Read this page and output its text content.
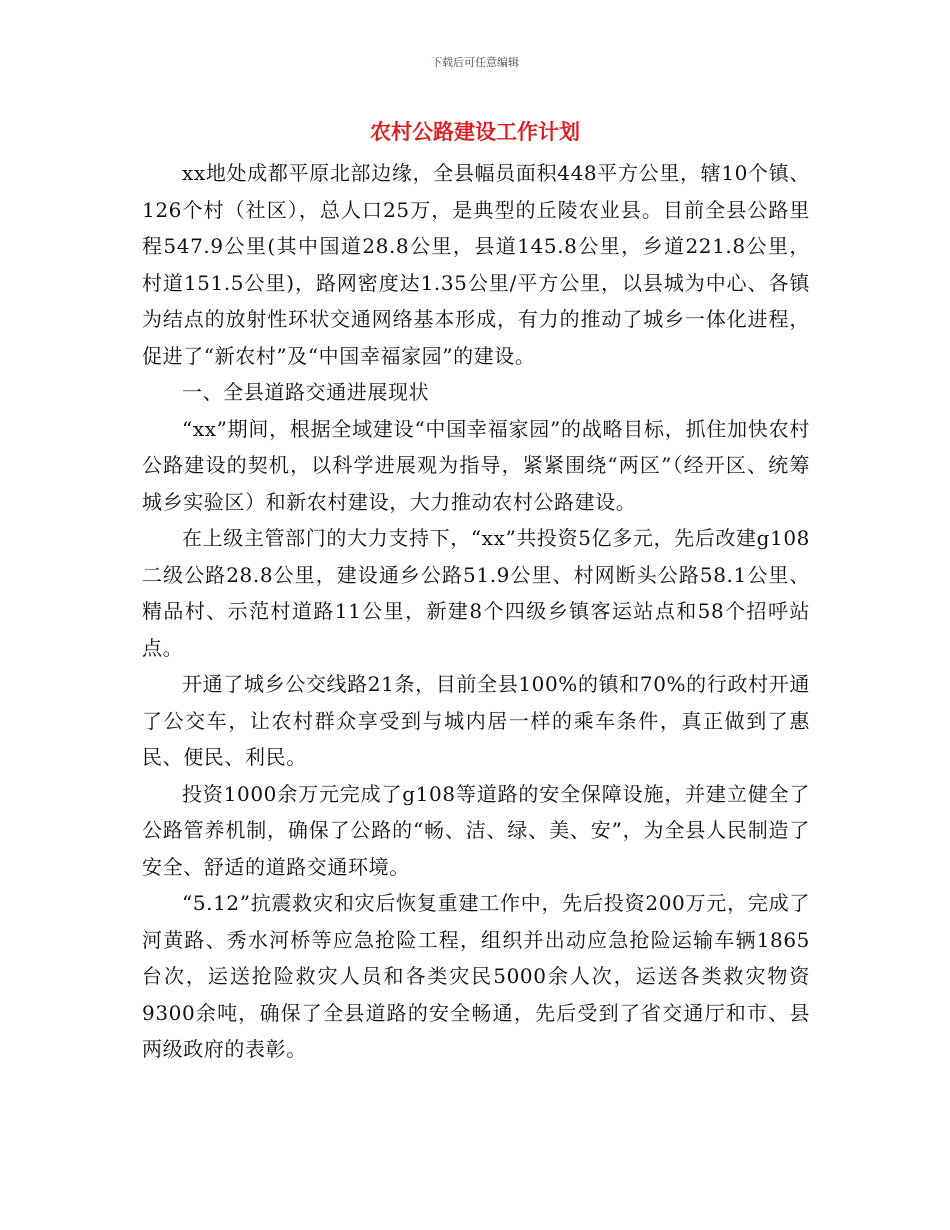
下载后可任意编辑
农村公路建设工作计划

xx地处成都平原北部边缘，全县幅员面积448平方公里，辖10个镇、126个村（社区），总人口25万，是典型的丘陵农业县。目前全县公路里程547.9公里(其中国道28.8公里，县道145.8公里，乡道221.8公里，村道151.5公里)，路网密度达1.35公里/平方公里，以县城为中心、各镇为结点的放射性环状交通网络基本形成，有力的推动了城乡一体化进程，促进了“新农村”及“中国幸福家园”的建设。

一、全县道路交通进展现状

“xx”期间，根据全域建设“中国幸福家园”的战略目标，抓住加快农村公路建设的契机，以科学进展观为指导，紧紧围绕“两区”（经开区、统筹城乡实验区）和新农村建设，大力推动农村公路建设。

在上级主管部门的大力支持下，“xx”共投资5亿多元，先后改建g108二级公路28.8公里，建设通乡公路51.9公里、村网断头公路58.1公里、精品村、示范村道路11公里，新建8个四级乡镇客运站点和58个招呼站点。

开通了城乡公交线路21条，目前全县100%的镇和70%的行政村开通了公交车，让农村群众享受到与城内居一样的乘车条件，真正做到了惠民、便民、利民。

投资1000余万元完成了g108等道路的安全保障设施，并建立健全了公路管养机制，确保了公路的“畅、洁、绿、美、安”，为全县人民制造了安全、舒适的道路交通环境。

“5.12”抗震救灾和灾后恢复重建工作中，先后投资200万元，完成了河黄路、秀水河桥等应急抢险工程，组织并出动应急抢险运输车辆1865台次，运送抢险救灾人员和各类灾民5000余人次，运送各类救灾物资9300余吨，确保了全县道路的安全畅通，先后受到了省交通厅和市、县两级政府的表彰。
